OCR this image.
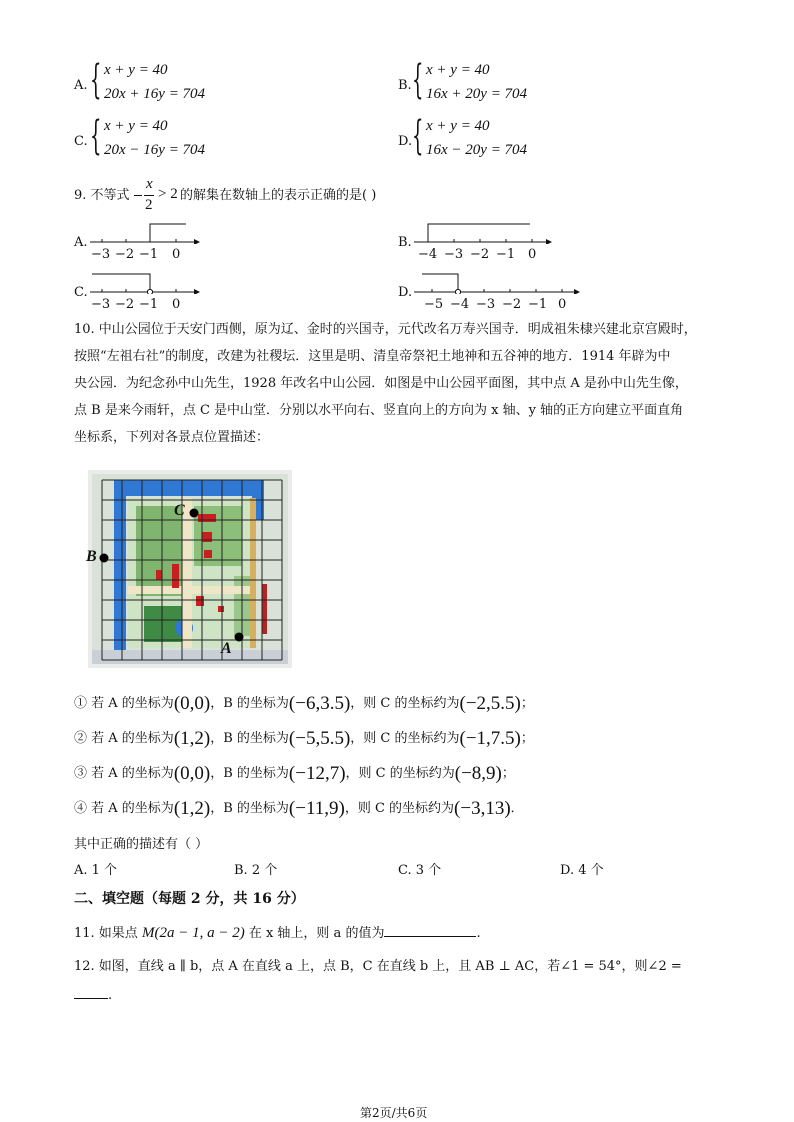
A. { x + y = 40
20x + 16y = 704
B. { x + y = 40
16x + 20y = 704
C. { x + y = 40
20x − 16y = 704
D. { x + y = 40
16x − 20y = 704
9. 不等式
x
2
> 2 的解集在数轴上的表示正确的是( )
A.
−3 −2 −1 0
B.
−4 −3 −2 −1 0
C.
−3 −2 −1 0
D.
−5 −4 −3 −2 −1 0
10. 中山公园位于天安门西侧，原为辽、金时的兴国寺，元代改名万寿兴国寺．明成祖朱棣兴建北京宫殿时，
按照“左祖右社”的制度，改建为社稷坛．这里是明、清皇帝祭祀土地神和五谷神的地方．1914 年辟为中
央公园．为纪念孙中山先生，1928 年改名中山公园．如图是中山公园平面图，其中点 A 是孙中山先生像，
点 B 是来今雨轩，点 C 是中山堂．分别以水平向右、竖直向上的方向为 x 轴、y 轴的正方向建立平面直角
坐标系，下列对各景点位置描述：
C
B
A
① 若 A 的坐标为(0,0)，B 的坐标为(−6,3.5)，则 C 的坐标约为(−2,5.5)；
② 若 A 的坐标为(1,2)，B 的坐标为(−5,5.5)，则 C 的坐标约为(−1,7.5)；
③ 若 A 的坐标为(0,0)，B 的坐标为(−12,7)，则 C 的坐标约为(−8,9)；
④ 若 A 的坐标为(1,2)，B 的坐标为(−11,9)，则 C 的坐标约为(−3,13)．
其中正确的描述有（ ）
A. 1 个	B. 2 个	C. 3 个	D. 4 个
二、填空题（每题 2 分，共 16 分）
11. 如果点 M(2a − 1, a − 2) 在 x 轴上，则 a 的值为	.
12. 如图，直线 a ∥ b，点 A 在直线 a 上，点 B，C 在直线 b 上，且 AB ⊥ AC，若∠1 = 54°，则∠2 =
.
第2页/共6页
